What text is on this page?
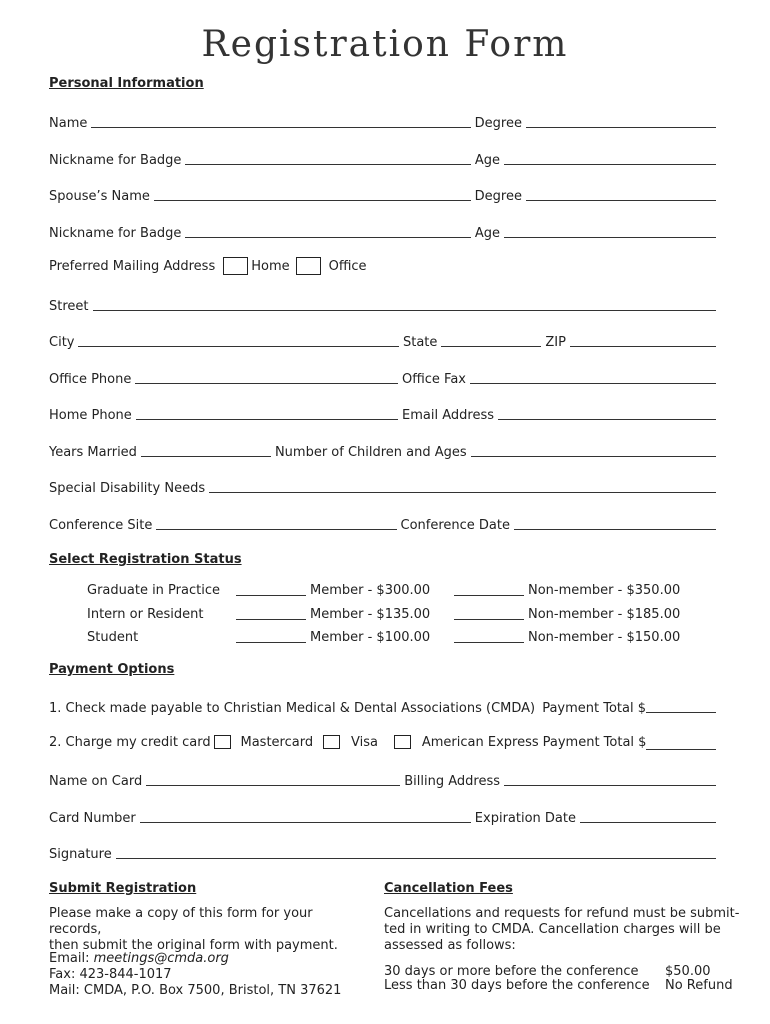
Registration Form
Personal Information
Name	Degree
Nickname for Badge	Age
Spouse’s Name	Degree
Nickname for Badge	Age
Preferred Mailing Address	Home	Office
Street
City	State	ZIP
Office Phone	Office Fax
Home Phone	Email Address
Years Married	Number of Children and Ages
Special Disability Needs
Conference Site	Conference Date
Select Registration Status
Graduate in Practice	Member - $300.00	Non-member - $350.00
Intern or Resident	Member - $135.00	Non-member - $185.00
Student	Member - $100.00	Non-member - $150.00
Payment Options
1. Check made payable to Christian Medical & Dental Associations (CMDA) Payment Total $
2. Charge my credit card Mastercard	Visa	American Express Payment Total $
Name on Card	Billing Address
Card Number	Expiration Date
Signature
Submit Registration
Please make a copy of this form for your records,
then submit the original form with payment.
Email: meetings@cmda.org
Fax: 423-844-1017
Mail: CMDA, P.O. Box 7500, Bristol, TN 37621
Cancellation Fees
Cancellations and requests for refund must be submit-
ted in writing to CMDA. Cancellation charges will be
assessed as follows:
30 days or more before the conference $50.00
Less than 30 days before the conference No Refund
